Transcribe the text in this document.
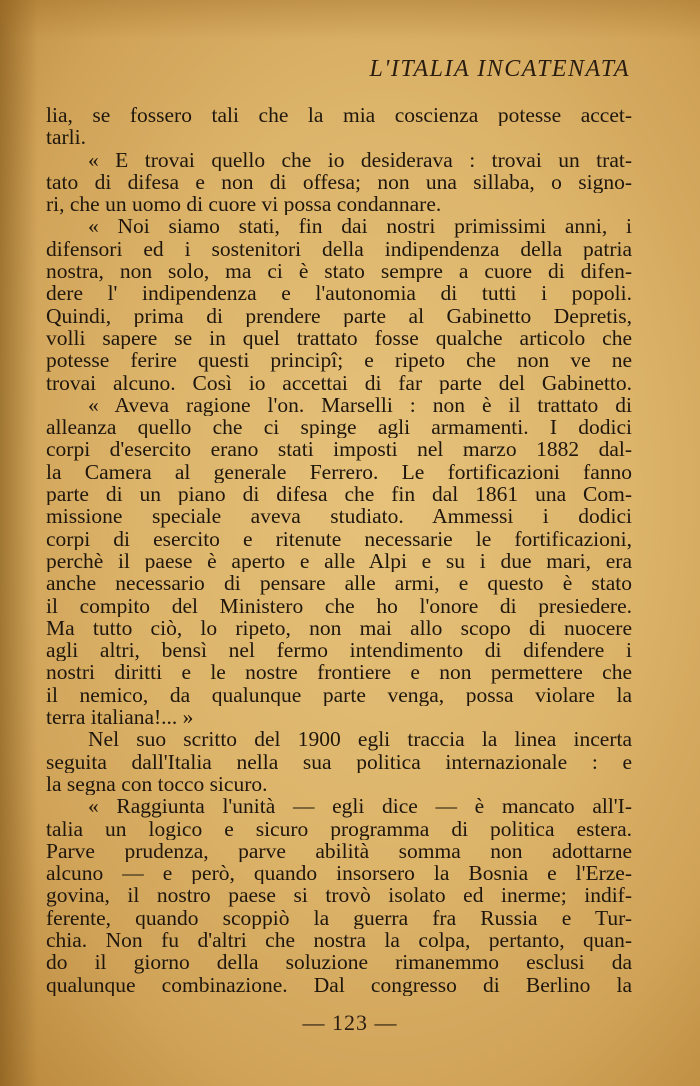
L'ITALIA INCATENATA
lia, se fossero tali che la mia coscienza potesse accet-
tarli.
« E trovai quello che io desiderava : trovai un trat-
tato di difesa e non di offesa; non una sillaba, o signo-
ri, che un uomo di cuore vi possa condannare.
« Noi siamo stati, fin dai nostri primissimi anni, i
difensori ed i sostenitori della indipendenza della patria
nostra, non solo, ma ci è stato sempre a cuore di difen-
dere l' indipendenza e l'autonomia di tutti i popoli.
Quindi, prima di prendere parte al Gabinetto Depretis,
volli sapere se in quel trattato fosse qualche articolo che
potesse ferire questi principî; e ripeto che non ve ne
trovai alcuno. Così io accettai di far parte del Gabinetto.
« Aveva ragione l'on. Marselli : non è il trattato di
alleanza quello che ci spinge agli armamenti. I dodici
corpi d'esercito erano stati imposti nel marzo 1882 dal-
la Camera al generale Ferrero. Le fortificazioni fanno
parte di un piano di difesa che fin dal 1861 una Com-
missione speciale aveva studiato. Ammessi i dodici
corpi di esercito e ritenute necessarie le fortificazioni,
perchè il paese è aperto e alle Alpi e su i due mari, era
anche necessario di pensare alle armi, e questo è stato
il compito del Ministero che ho l'onore di presiedere.
Ma tutto ciò, lo ripeto, non mai allo scopo di nuocere
agli altri, bensì nel fermo intendimento di difendere i
nostri diritti e le nostre frontiere e non permettere che
il nemico, da qualunque parte venga, possa violare la
terra italiana!... »
Nel suo scritto del 1900 egli traccia la linea incerta
seguita dall'Italia nella sua politica internazionale : e
la segna con tocco sicuro.
« Raggiunta l'unità — egli dice — è mancato all'I-
talia un logico e sicuro programma di politica estera.
Parve prudenza, parve abilità somma non adottarne
alcuno — e però, quando insorsero la Bosnia e l'Erze-
govina, il nostro paese si trovò isolato ed inerme; indif-
ferente, quando scoppiò la guerra fra Russia e Tur-
chia. Non fu d'altri che nostra la colpa, pertanto, quan-
do il giorno della soluzione rimanemmo esclusi da
qualunque combinazione. Dal congresso di Berlino la
— 123 —
